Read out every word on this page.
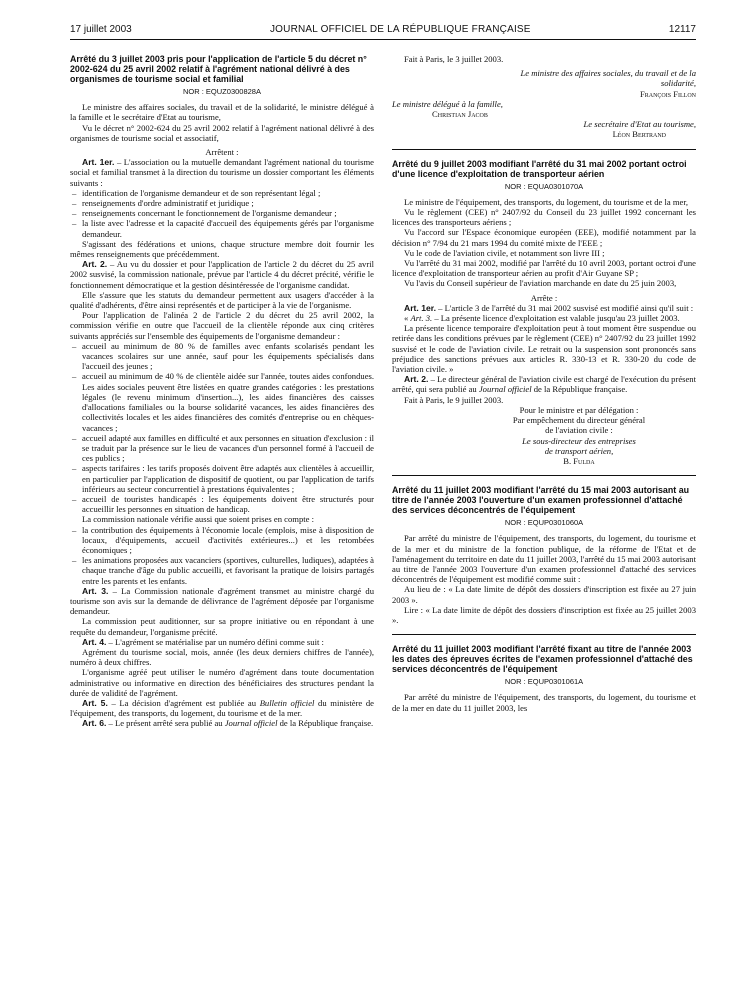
17 juillet 2003	JOURNAL OFFICIEL DE LA RÉPUBLIQUE FRANÇAISE	12117
Arrêté du 3 juillet 2003 pris pour l'application de l'article 5 du décret n° 2002-624 du 25 avril 2002 relatif à l'agrément national délivré à des organismes de tourisme social et familial
NOR : EQUZ0300828A

Le ministre des affaires sociales, du travail et de la solidarité, le ministre délégué à la famille et le secrétaire d'Etat au tourisme,

Vu le décret n° 2002-624 du 25 avril 2002 relatif à l'agrément national délivré à des organismes de tourisme social et associatif,

Arrêtent :

Art. 1er. – L'association ou la mutuelle demandant l'agrément national du tourisme social et familial transmet à la direction du tourisme un dossier comportant les éléments suivants :

– identification de l'organisme demandeur et de son représentant légal ;
– renseignements d'ordre administratif et juridique ;
– renseignements concernant le fonctionnement de l'organisme demandeur ;
– la liste avec l'adresse et la capacité d'accueil des équipements gérés par l'organisme demandeur.

S'agissant des fédérations et unions, chaque structure membre doit fournir les mêmes renseignements que précédemment.

Art. 2. – Au vu du dossier et pour l'application de l'article 2 du décret du 25 avril 2002 susvisé, la commission nationale, prévue par l'article 4 du décret précité, vérifie le fonctionnement démocratique et la gestion désintéressée de l'organisme candidat.

Elle s'assure que les statuts du demandeur permettent aux usagers d'accéder à la qualité d'adhérents, d'être ainsi représentés et de participer à la vie de l'organisme.

Pour l'application de l'alinéa 2 de l'article 2 du décret du 25 avril 2002, la commission vérifie en outre que l'accueil de la clientèle réponde aux cinq critères suivants appréciés sur l'ensemble des équipements de l'organisme demandeur :

– accueil au minimum de 80 % de familles avec enfants scolarisés pendant les vacances scolaires sur une année, sauf pour les équipements spécialisés dans l'accueil des jeunes ;
– accueil au minimum de 40 % de clientèle aidée sur l'année, toutes aides confondues. Les aides sociales peuvent être listées en quatre grandes catégories : les prestations légales (le revenu minimum d'insertion...), les aides financières des caisses d'allocations familiales ou la bourse solidarité vacances, les aides financières des collectivités locales et les aides financières des comités d'entreprise ou en chèques-vacances ;
– accueil adapté aux familles en difficulté et aux personnes en situation d'exclusion : il se traduit par la présence sur le lieu de vacances d'un personnel formé à l'accueil de ces publics ;
– aspects tarifaires : les tarifs proposés doivent être adaptés aux clientèles à accueillir, en particulier par l'application de dispositif de quotient, ou par l'application de tarifs inférieurs au secteur concurrentiel à prestations équivalentes ;
– accueil de touristes handicapés : les équipements doivent être structurés pour accueillir les personnes en situation de handicap.

La commission nationale vérifie aussi que soient prises en compte :

– la contribution des équipements à l'économie locale (emplois, mise à disposition de locaux, d'équipements, accueil d'activités extérieures...) et les retombées économiques ;
– les animations proposées aux vacanciers (sportives, culturelles, ludiques), adaptées à chaque tranche d'âge du public accueilli, et favorisant la pratique de loisirs partagés entre les parents et les enfants.

Art. 3. – La Commission nationale d'agrément transmet au ministre chargé du tourisme son avis sur la demande de délivrance de l'agrément déposée par l'organisme demandeur.

La commission peut auditionner, sur sa propre initiative ou en répondant à une requête du demandeur, l'organisme précité.

Art. 4. – L'agrément se matérialise par un numéro défini comme suit :

Agrément du tourisme social, mois, année (les deux derniers chiffres de l'année), numéro à deux chiffres.

L'organisme agréé peut utiliser le numéro d'agrément dans toute documentation administrative ou informative en direction des bénéficiaires des structures pendant la durée de validité de l'agrément.

Art. 5. – La décision d'agrément est publiée au Bulletin officiel du ministère de l'équipement, des transports, du logement, du tourisme et de la mer.

Art. 6. – Le présent arrêté sera publié au Journal officiel de la République française.

Fait à Paris, le 3 juillet 2003.

Le ministre des affaires sociales, du travail et de la solidarité,

François Fillon

Le ministre délégué à la famille,

Christian Jacob

Le secrétaire d'Etat au tourisme,

Léon Bertrand

Arrêté du 9 juillet 2003 modifiant l'arrêté du 31 mai 2002 portant octroi d'une licence d'exploitation de transporteur aérien
NOR : EQUA0301070A

Le ministre de l'équipement, des transports, du logement, du tourisme et de la mer,

Vu le règlement (CEE) n° 2407/92 du Conseil du 23 juillet 1992 concernant les licences des transporteurs aériens ;

Vu l'accord sur l'Espace économique européen (EEE), modifié notamment par la décision n° 7/94 du 21 mars 1994 du comité mixte de l'EEE ;

Vu le code de l'aviation civile, et notamment son livre III ;

Vu l'arrêté du 31 mai 2002, modifié par l'arrêté du 10 avril 2003, portant octroi d'une licence d'exploitation de transporteur aérien au profit d'Air Guyane SP ;

Vu l'avis du Conseil supérieur de l'aviation marchande en date du 25 juin 2003,

Arrête :

Art. 1er. – L'article 3 de l'arrêté du 31 mai 2002 susvisé est modifié ainsi qu'il suit :

« Art. 3. – La présente licence d'exploitation est valable jusqu'au 23 juillet 2003.

La présente licence temporaire d'exploitation peut à tout moment être suspendue ou retirée dans les conditions prévues par le règlement (CEE) n° 2407/92 du 23 juillet 1992 susvisé et le code de l'aviation civile. Le retrait ou la suspension sont prononcés sans préjudice des sanctions prévues aux articles R. 330-13 et R. 330-20 du code de l'aviation civile. »

Art. 2. – Le directeur général de l'aviation civile est chargé de l'exécution du présent arrêté, qui sera publié au Journal officiel de la République française.

Fait à Paris, le 9 juillet 2003.

Pour le ministre et par délégation :

Par empêchement du directeur général

de l'aviation civile :

Le sous-directeur des entreprises

de transport aérien,

B. Fulda

Arrêté du 11 juillet 2003 modifiant l'arrêté du 15 mai 2003 autorisant au titre de l'année 2003 l'ouverture d'un examen professionnel d'attaché des services déconcentrés de l'équipement
NOR : EQUP0301060A

Par arrêté du ministre de l'équipement, des transports, du logement, du tourisme et de la mer et du ministre de la fonction publique, de la réforme de l'Etat et de l'aménagement du territoire en date du 11 juillet 2003, l'arrêté du 15 mai 2003 autorisant au titre de l'année 2003 l'ouverture d'un examen professionnel d'attaché des services déconcentrés de l'équipement est modifié comme suit :

Au lieu de : « La date limite de dépôt des dossiers d'inscription est fixée au 27 juin 2003 ».

Lire : « La date limite de dépôt des dossiers d'inscription est fixée au 25 juillet 2003 ».

Arrêté du 11 juillet 2003 modifiant l'arrêté fixant au titre de l'année 2003 les dates des épreuves écrites de l'examen professionnel d'attaché des services déconcentrés de l'équipement
NOR : EQUP0301061A

Par arrêté du ministre de l'équipement, des transports, du logement, du tourisme et de la mer en date du 11 juillet 2003, les
